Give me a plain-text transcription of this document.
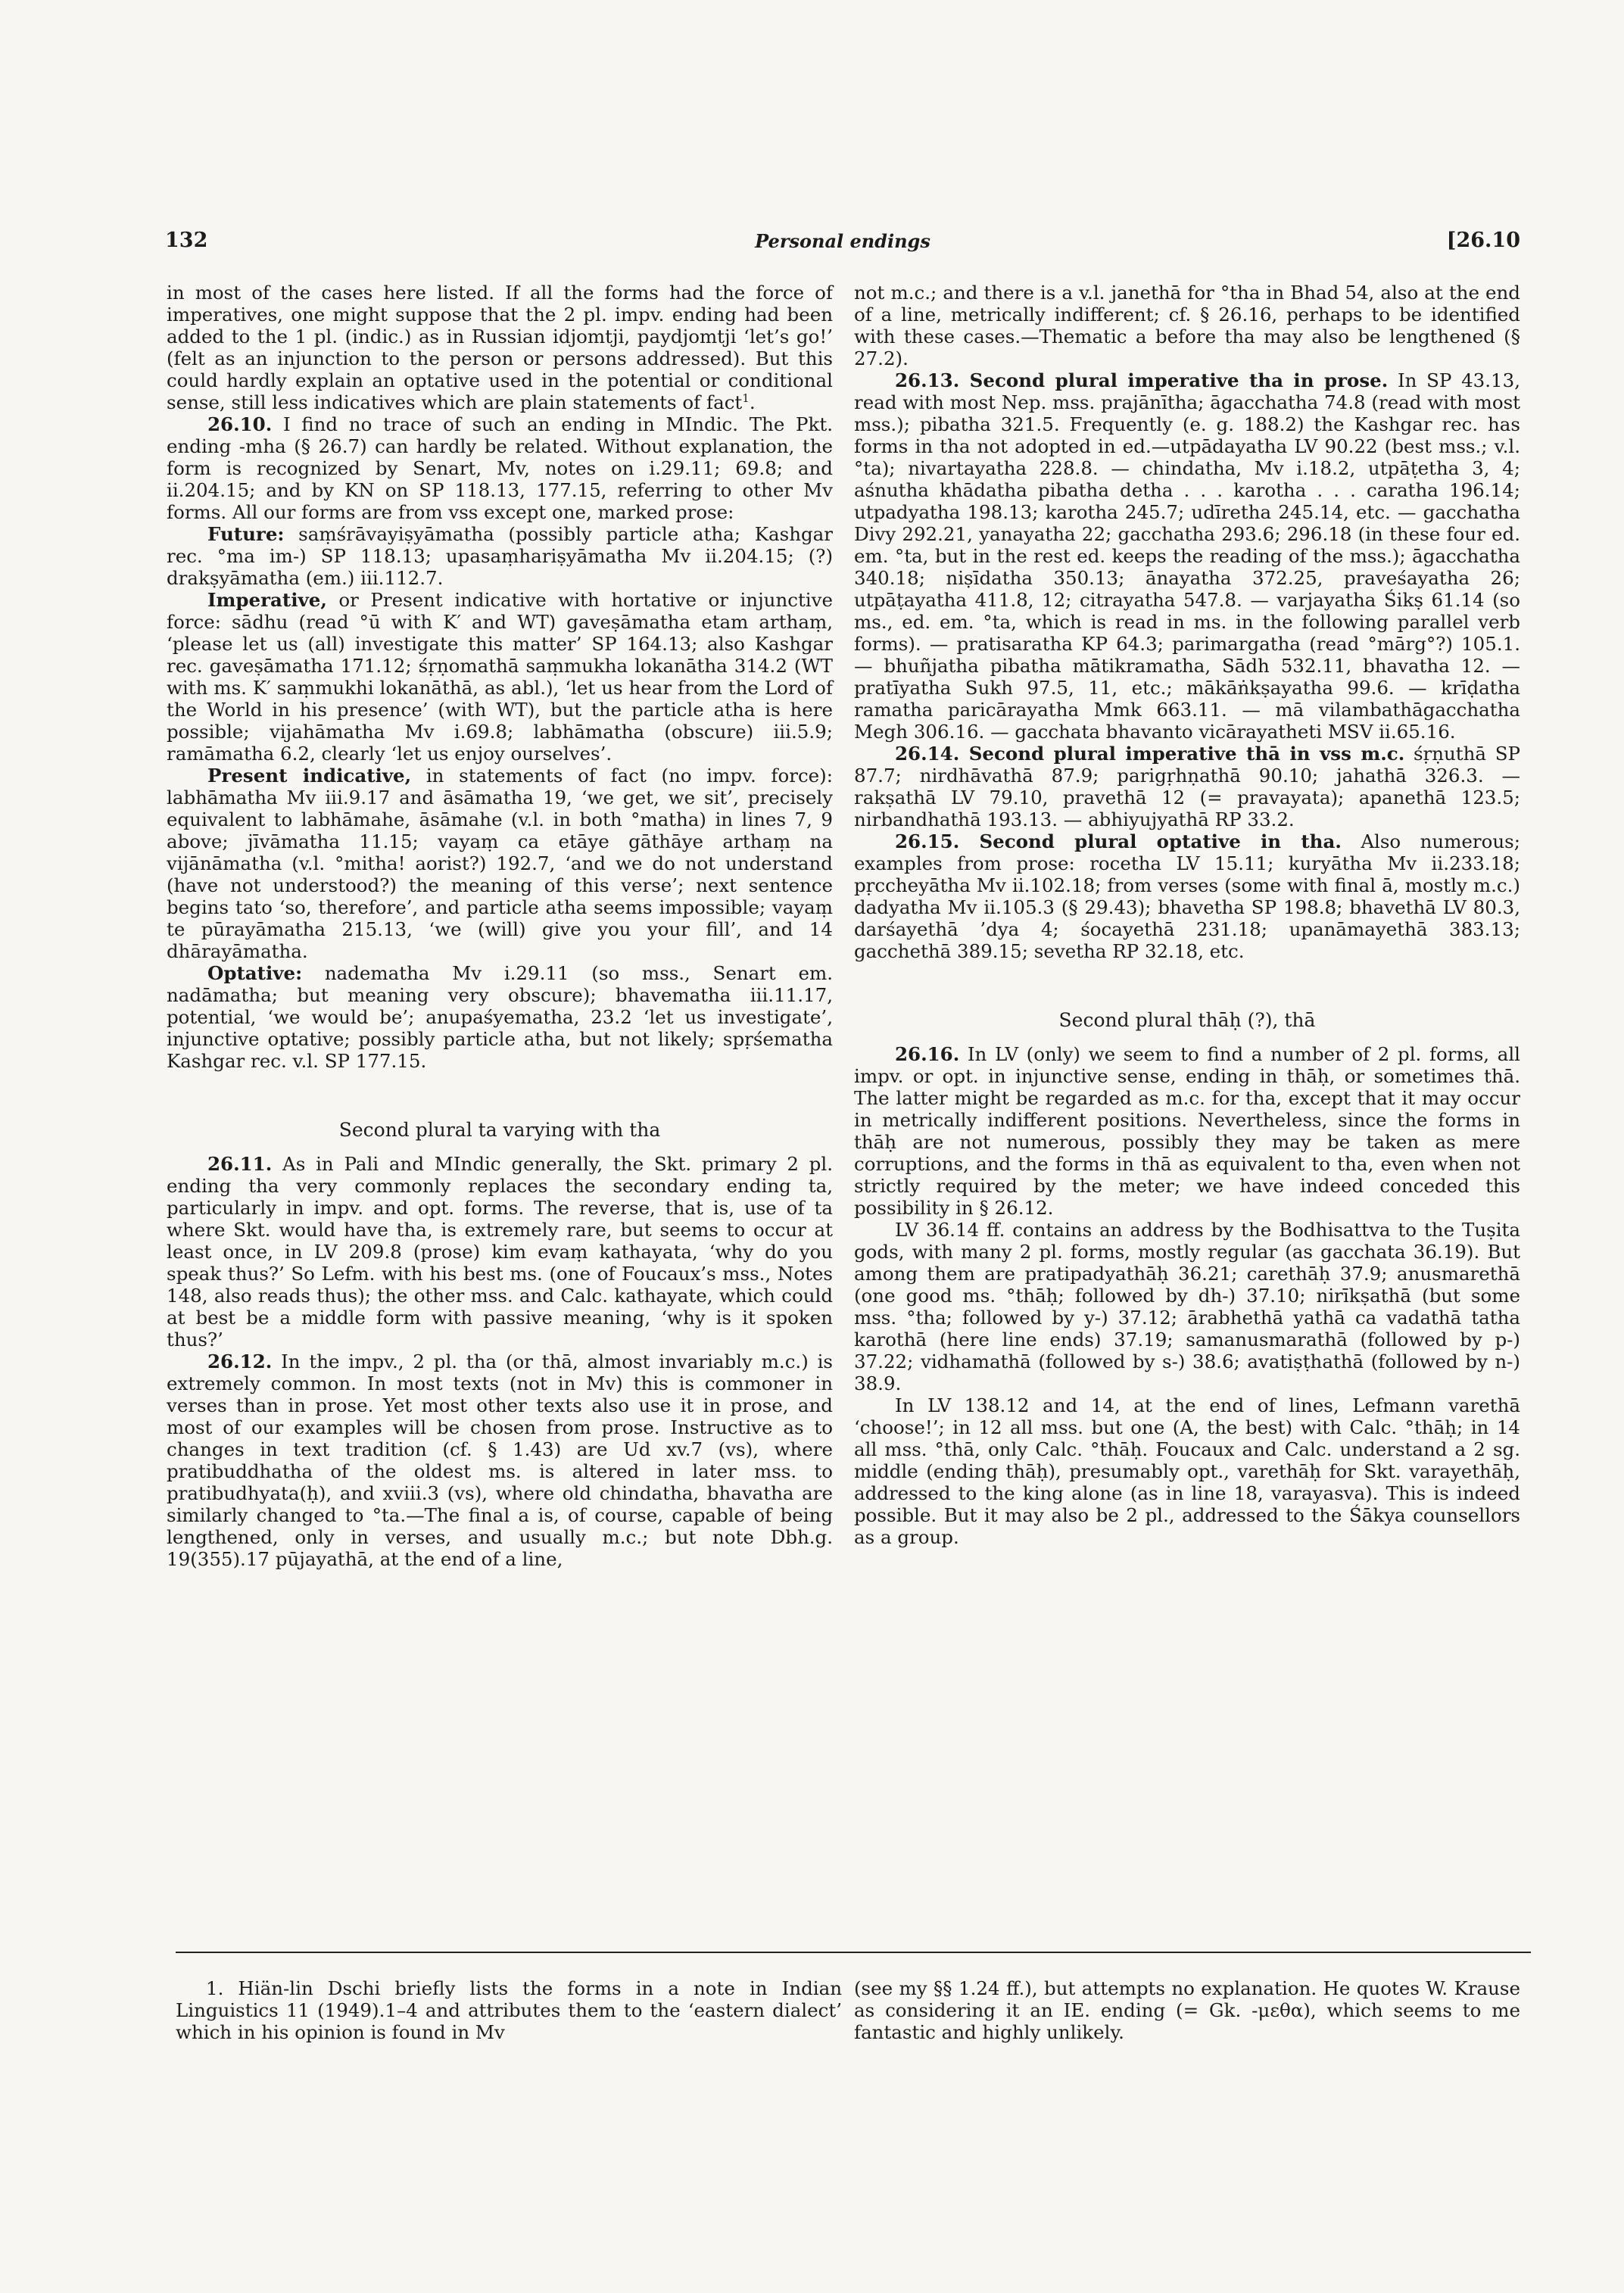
132	Personal endings	[26.10

in most of the cases here listed. If all the forms had the force of imperatives, one might suppose that the 2 pl. impv. ending had been added to the 1 pl. (indic.) as in Russian idjomtji, paydjomtji ‘let’s go!’ (felt as an injunction to the person or persons addressed). But this could hardly explain an optative used in the potential or conditional sense, still less indicatives which are plain statements of fact$^1$.

26.10. I find no trace of such an ending in MIndic. The Pkt. ending -mha (§ 26.7) can hardly be related. Without explanation, the form is recognized by Senart, Mv, notes on i.29.11; 69.8; and ii.204.15; and by KN on SP 118.13, 177.15, referring to other Mv forms. All our forms are from vss except one, marked prose:

Future: saṃśrāvayiṣyāmatha (possibly particle atha; Kashgar rec. °ma im-) SP 118.13; upasaṃhariṣyāmatha Mv ii.204.15; (?) drakṣyāmatha (em.) iii.112.7.

Imperative, or Present indicative with hortative or injunctive force: sādhu (read °ū with K′ and WT) gaveṣāmatha etam arthaṃ, ‘please let us (all) investigate this matter’ SP 164.13; also Kashgar rec. gaveṣāmatha 171.12; śṛṇomathā saṃmukha lokanātha 314.2 (WT with ms. K′ saṃmukhi lokanāthā, as abl.), ‘let us hear from the Lord of the World in his presence’ (with WT), but the particle atha is here possible; vijahāmatha Mv i.69.8; labhāmatha (obscure) iii.5.9; ramāmatha 6.2, clearly ‘let us enjoy ourselves’.

Present indicative, in statements of fact (no impv. force): labhāmatha Mv iii.9.17 and āsāmatha 19, ‘we get, we sit’, precisely equivalent to labhāmahe, āsāmahe (v.l. in both °matha) in lines 7, 9 above; jīvāmatha 11.15; vayaṃ ca etāye gāthāye arthaṃ na vijānāmatha (v.l. °mitha! aorist?) 192.7, ‘and we do not understand (have not understood?) the meaning of this verse’; next sentence begins tato ‘so, therefore’, and particle atha seems impossible; vayaṃ te pūrayāmatha 215.13, ‘we (will) give you your fill’, and 14 dhārayāmatha.

Optative: nadematha Mv i.29.11 (so mss., Senart em. nadāmatha; but meaning very obscure); bhavematha iii.11.17, potential, ‘we would be’; anupaśyematha, 23.2 ‘let us investigate’, injunctive optative; possibly particle atha, but not likely; spṛśematha Kashgar rec. v.l. SP 177.15.

Second plural ta varying with tha

26.11. As in Pali and MIndic generally, the Skt. primary 2 pl. ending tha very commonly replaces the secondary ending ta, particularly in impv. and opt. forms. The reverse, that is, use of ta where Skt. would have tha, is extremely rare, but seems to occur at least once, in LV 209.8 (prose) kim evaṃ kathayata, ‘why do you speak thus?’ So Lefm. with his best ms. (one of Foucaux’s mss., Notes 148, also reads thus); the other mss. and Calc. kathayate, which could at best be a middle form with passive meaning, ‘why is it spoken thus?’

26.12. In the impv., 2 pl. tha (or thā, almost invariably m.c.) is extremely common. In most texts (not in Mv) this is commoner in verses than in prose. Yet most other texts also use it in prose, and most of our examples will be chosen from prose. Instructive as to changes in text tradition (cf. § 1.43) are Ud xv.7 (vs), where pratibuddhatha of the oldest ms. is altered in later mss. to pratibudhyata(ḥ), and xviii.3 (vs), where old chindatha, bhavatha are similarly changed to °ta.—The final a is, of course, capable of being lengthened, only in verses, and usually m.c.; but note Dbh.g. 19(355).17 pūjayathā, at the end of a line,

not m.c.; and there is a v.l. janethā for °tha in Bhad 54, also at the end of a line, metrically indifferent; cf. § 26.16, perhaps to be identified with these cases.—Thematic a before tha may also be lengthened (§ 27.2).

26.13. Second plural imperative tha in prose. In SP 43.13, read with most Nep. mss. prajānītha; āgacchatha 74.8 (read with most mss.); pibatha 321.5. Frequently (e. g. 188.2) the Kashgar rec. has forms in tha not adopted in ed.—utpādayatha LV 90.22 (best mss.; v.l. °ta); nivartayatha 228.8. — chindatha, Mv i.18.2, utpāṭetha 3, 4; aśnutha khādatha pibatha detha . . . karotha . . . caratha 196.14; utpadyatha 198.13; karotha 245.7; udīretha 245.14, etc. — gacchatha Divy 292.21, yanayatha 22; gacchatha 293.6; 296.18 (in these four ed. em. °ta, but in the rest ed. keeps the reading of the mss.); āgacchatha 340.18; niṣīdatha 350.13; ānayatha 372.25, praveśayatha 26; utpāṭayatha 411.8, 12; citrayatha 547.8. — varjayatha Śikṣ 61.14 (so ms., ed. em. °ta, which is read in ms. in the following parallel verb forms). — pratisaratha KP 64.3; parimargatha (read °mārg°?) 105.1. — bhuñjatha pibatha mātikramatha, Sādh 532.11, bhavatha 12. — pratīyatha Sukh 97.5, 11, etc.; mākāṅkṣayatha 99.6. — krīḍatha ramatha paricārayatha Mmk 663.11. — mā vilambathāgacchatha Megh 306.16. — gacchata bhavanto vicārayatheti MSV ii.65.16.

26.14. Second plural imperative thā in vss m.c. śṛṇuthā SP 87.7; nirdhāvathā 87.9; parigṛhṇathā 90.10; jahathā 326.3. — rakṣathā LV 79.10, pravethā 12 (= pravayata); apanethā 123.5; nirbandhathā 193.13. — abhiyujyathā RP 33.2.

26.15. Second plural optative in tha. Also numerous; examples from prose: rocetha LV 15.11; kuryātha Mv ii.233.18; pṛccheyātha Mv ii.102.18; from verses (some with final ā, mostly m.c.) dadyatha Mv ii.105.3 (§ 29.43); bhavetha SP 198.8; bhavethā LV 80.3, darśayethā ’dya 4; śocayethā 231.18; upanāmayethā 383.13; gacchethā 389.15; sevetha RP 32.18, etc.

Second plural thāḥ (?), thā

26.16. In LV (only) we seem to find a number of 2 pl. forms, all impv. or opt. in injunctive sense, ending in thāḥ, or sometimes thā. The latter might be regarded as m.c. for tha, except that it may occur in metrically indifferent positions. Nevertheless, since the forms in thāḥ are not numerous, possibly they may be taken as mere corruptions, and the forms in thā as equivalent to tha, even when not strictly required by the meter; we have indeed conceded this possibility in § 26.12.

LV 36.14 ff. contains an address by the Bodhisattva to the Tuṣita gods, with many 2 pl. forms, mostly regular (as gacchata 36.19). But among them are pratipadyathāḥ 36.21; carethāḥ 37.9; anusmarethā (one good ms. °thāḥ; followed by dh-) 37.10; nirīkṣathā (but some mss. °tha; followed by y-) 37.12; ārabhethā yathā ca vadathā tatha karothā (here line ends) 37.19; samanusmarathā (followed by p-) 37.22; vidhamathā (followed by s-) 38.6; avatiṣṭhathā (followed by n-) 38.9.

In LV 138.12 and 14, at the end of lines, Lefmann varethā ‘choose!’; in 12 all mss. but one (A, the best) with Calc. °thāḥ; in 14 all mss. °thā, only Calc. °thāḥ. Foucaux and Calc. understand a 2 sg. middle (ending thāḥ), presumably opt., varethāḥ for Skt. varayethāḥ, addressed to the king alone (as in line 18, varayasva). This is indeed possible. But it may also be 2 pl., addressed to the Śākya counsellors as a group.

1. Hiän-lin Dschi briefly lists the forms in a note in Indian Linguistics 11 (1949).1–4 and attributes them to the ‘eastern dialect’ which in his opinion is found in Mv

(see my §§ 1.24 ff.), but attempts no explanation. He quotes W. Krause as considering it an IE. ending (= Gk. -μεθα), which seems to me fantastic and highly unlikely.
